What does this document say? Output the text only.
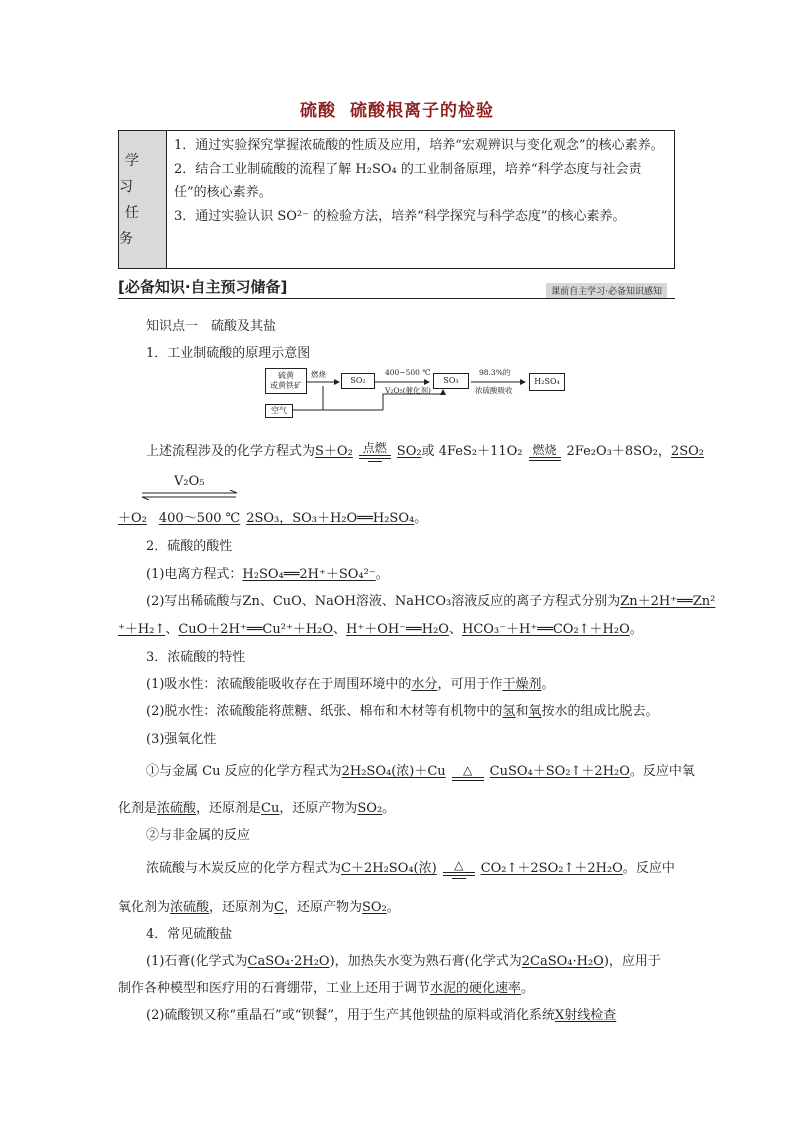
硫酸 硫酸根离子的检验
学 习
任 务
1．通过实验探究掌握浓硫酸的性质及应用，培养“宏观辨识与变化观念”的核心素养。
2．结合工业制硫酸的流程了解 H₂SO₄ 的工业制备原理，培养“科学态度与社会责任”的核心素养。
3．通过实验认识 SO²⁻ 的检验方法，培养“科学探究与科学态度”的核心素养。
[必备知识·自主预习储备]	课前自主学习·必备知识感知
知识点一　硫酸及其盐
1．工业制硫酸的原理示意图
硫黄
或黄铁矿
燃烧
SO₂
400~500 ℃
V₂O₅(催化剂)
SO₃
98.3%的
浓硫酸吸收
H₂SO₄
空气
上述流程涉及的化学方程式为S＋O₂ 点燃 SO₂或 4FeS₂＋11O₂ 燃烧 2Fe₂O₃＋8SO₂，2SO₂
V₂O₅
＋O₂ 400～500 ℃ 2SO₃，SO₃＋H₂O══H₂SO₄。
2．硫酸的酸性
(1)电离方程式：H₂SO₄══2H⁺＋SO₄²⁻。
(2)写出稀硫酸与Zn、CuO、NaOH溶液、NaHCO₃溶液反应的离子方程式分别为Zn＋2H⁺══Zn²
⁺＋H₂↑、CuO＋2H⁺══Cu²⁺＋H₂O、H⁺＋OH⁻══H₂O、HCO₃⁻＋H⁺══CO₂↑＋H₂O。
3．浓硫酸的特性
(1)吸水性：浓硫酸能吸收存在于周围环境中的水分，可用于作干燥剂。
(2)脱水性：浓硫酸能将蔗糖、纸张、棉布和木材等有机物中的氢和氧按水的组成比脱去。
(3)强氧化性
①与金属 Cu 反应的化学方程式为2H₂SO₄(浓)＋Cu	△	CuSO₄＋SO₂↑＋2H₂O。反应中氧
化剂是浓硫酸，还原剂是Cu，还原产物为SO₂。
②与非金属的反应
浓硫酸与木炭反应的化学方程式为C＋2H₂SO₄(浓)	△	CO₂↑＋2SO₂↑＋2H₂O。反应中
氧化剂为浓硫酸，还原剂为C，还原产物为SO₂。
4．常见硫酸盐
(1)石膏(化学式为CaSO₄·2H₂O)，加热失水变为熟石膏(化学式为2CaSO₄·H₂O)，应用于
制作各种模型和医疗用的石膏绷带，工业上还用于调节水泥的硬化速率。
(2)硫酸钡又称“重晶石”或“钡餐”，用于生产其他钡盐的原料或消化系统X射线检查
